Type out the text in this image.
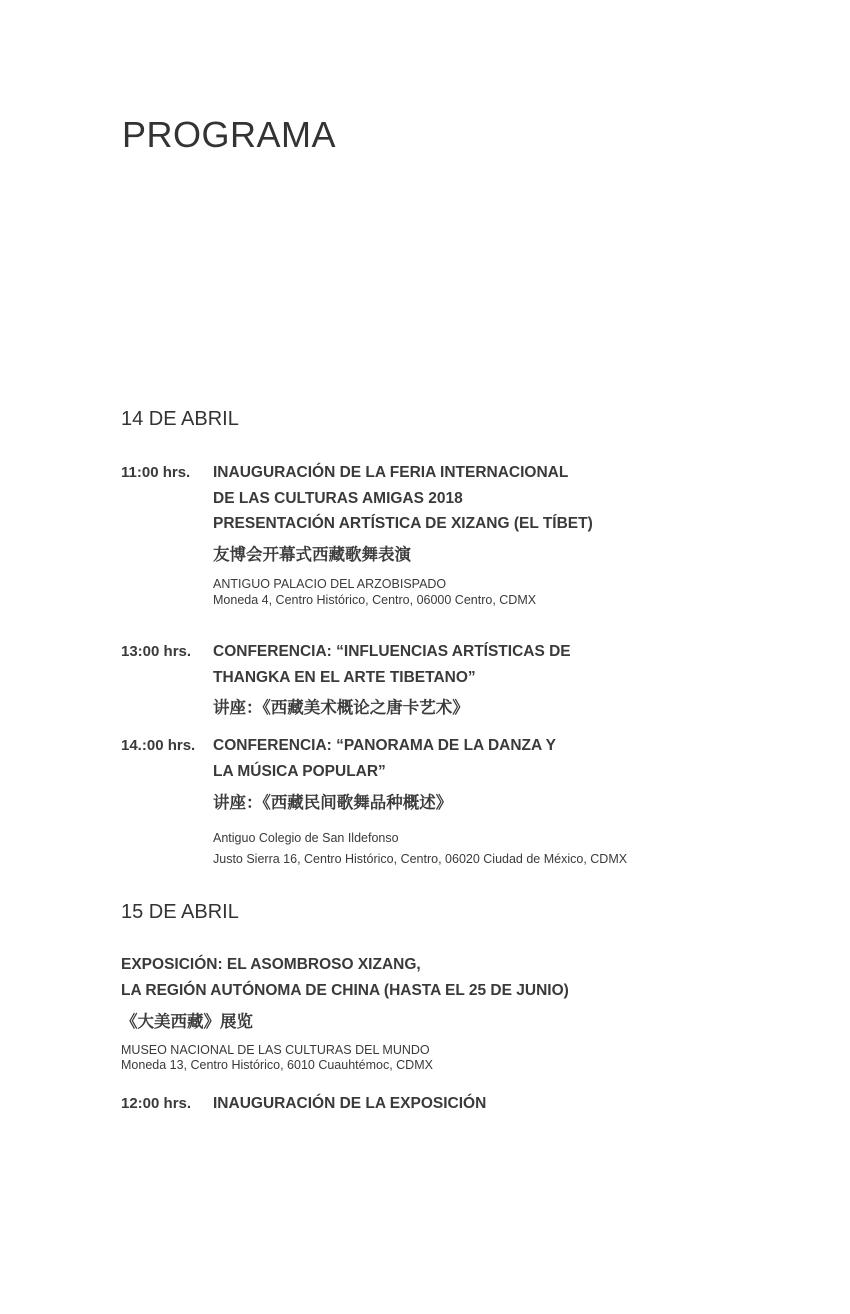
PROGRAMA
14 DE ABRIL
11:00 hrs. INAUGURACIÓN DE LA FERIA INTERNACIONAL
DE LAS CULTURAS AMIGAS 2018
PRESENTACIÓN ARTÍSTICA DE XIZANG (EL TÍBET)
友博会开幕式西藏歌舞表演
ANTIGUO PALACIO DEL ARZOBISPADO
Moneda 4, Centro Histórico, Centro, 06000 Centro, CDMX
13:00 hrs. CONFERENCIA: “INFLUENCIAS ARTÍSTICAS DE
THANGKA EN EL ARTE TIBETANO”
讲座：《西藏美术概论之唐卡艺术》
14.:00 hrs. CONFERENCIA: “PANORAMA DE LA DANZA Y
LA MÚSICA POPULAR”
讲座：《西藏民间歌舞品种概述》
Antiguo Colegio de San Ildefonso
Justo Sierra 16, Centro Histórico, Centro, 06020 Ciudad de México, CDMX
15 DE ABRIL
EXPOSICIÓN: EL ASOMBROSO XIZANG,
LA REGIÓN AUTÓNOMA DE CHINA (HASTA EL 25 DE JUNIO)
《大美西藏》展览
MUSEO NACIONAL DE LAS CULTURAS DEL MUNDO
Moneda 13, Centro Histórico, 6010 Cuauhtémoc, CDMX
12:00 hrs. INAUGURACIÓN DE LA EXPOSICIÓN
